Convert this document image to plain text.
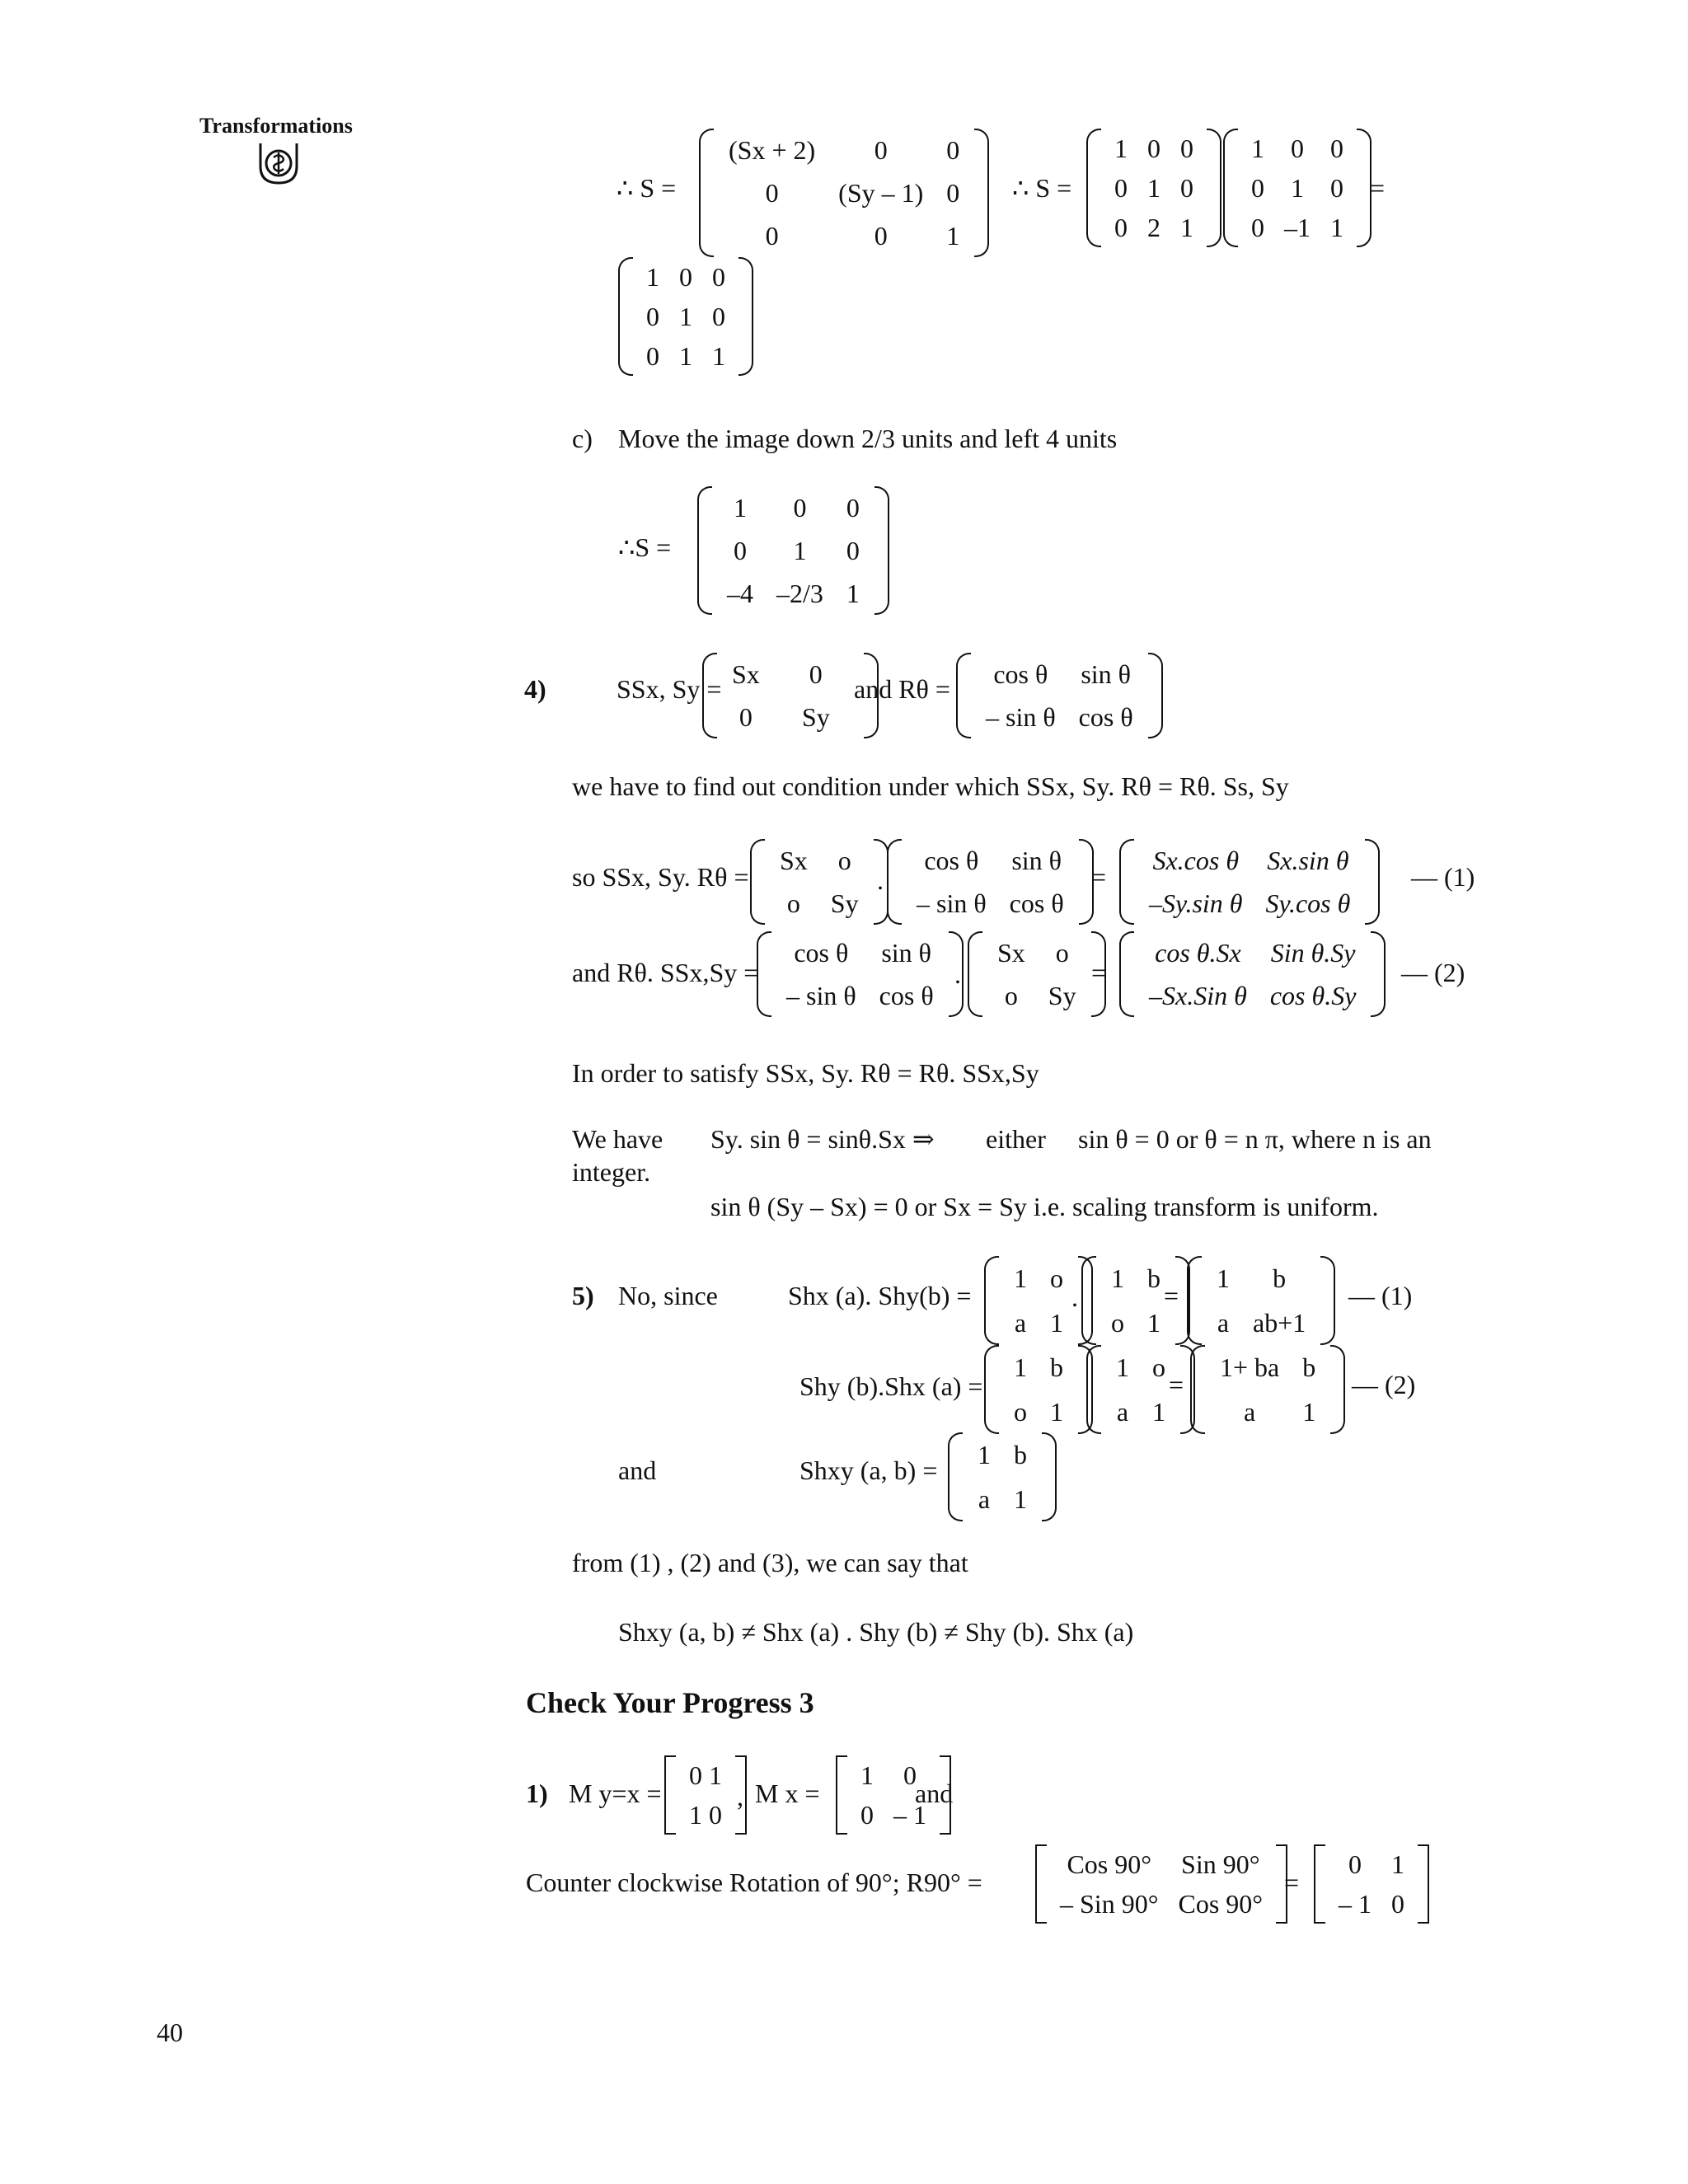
Transformations
∴ S =
(Sx + 2)	0	0
0	(Sy – 1)	0
0	0	1
∴ S =
1	0	0
0	1	0
0	2	1
1	0	0
0	1	0
0	–1	1
=
1	0	0
0	1	0
0	1	1
c) Move the image down 2/3 units and left 4 units
∴S =
1	0	0
0	1	0
–4	–2/3	1
4)	SSx, Sy =
Sx	0
0	Sy
and Rθ =
cos θ	sin θ
– sin θ	cos θ
we have to find out condition under which SSx, Sy. Rθ = Rθ. Ss, Sy
so SSx, Sy. Rθ =
Sx	o
o	Sy
.
cos θ	sin θ
– sin θ	cos θ
=
Sx.cos θ	Sx.sin θ
–Sy.sin θ	Sy.cos θ
— (1)
and Rθ. SSx,Sy =
cos θ	sin θ
– sin θ	cos θ
.
Sx	o
o	Sy
=
cos θ.Sx	Sin θ.Sy
–Sx.Sin θ	cos θ.Sy
— (2)
In order to satisfy SSx, Sy. Rθ = Rθ. SSx,Sy
We have Sy. sin θ = sinθ.Sx ⇒ either sin θ = 0 or θ = n π, where n is an
integer.
sin θ (Sy – Sx) = 0 or Sx = Sy i.e. scaling transform is uniform.
5) No, since	Shx (a). Shy(b) =
1	o
a	1
.
1	b
o	1
=
1	b
a	ab+1
— (1)
Shy (b).Shx (a) =
1	b
o	1
1	o
a	1
=
1+ ba	b
a	1
— (2)
and	Shxy (a, b) =
1	b
a	1
from (1) , (2) and (3), we can say that
Shxy (a, b) ≠ Shx (a) . Shy (b) ≠ Shy (b). Shx (a)
Check Your Progress 3
1) M y=x =
0 1
1 0
, M x =
1	0
0	– 1
and
Counter clockwise Rotation of 90°; R90° =
Cos 90°	Sin 90°
– Sin 90°	Cos 90°
=
0	1
– 1	0
40
